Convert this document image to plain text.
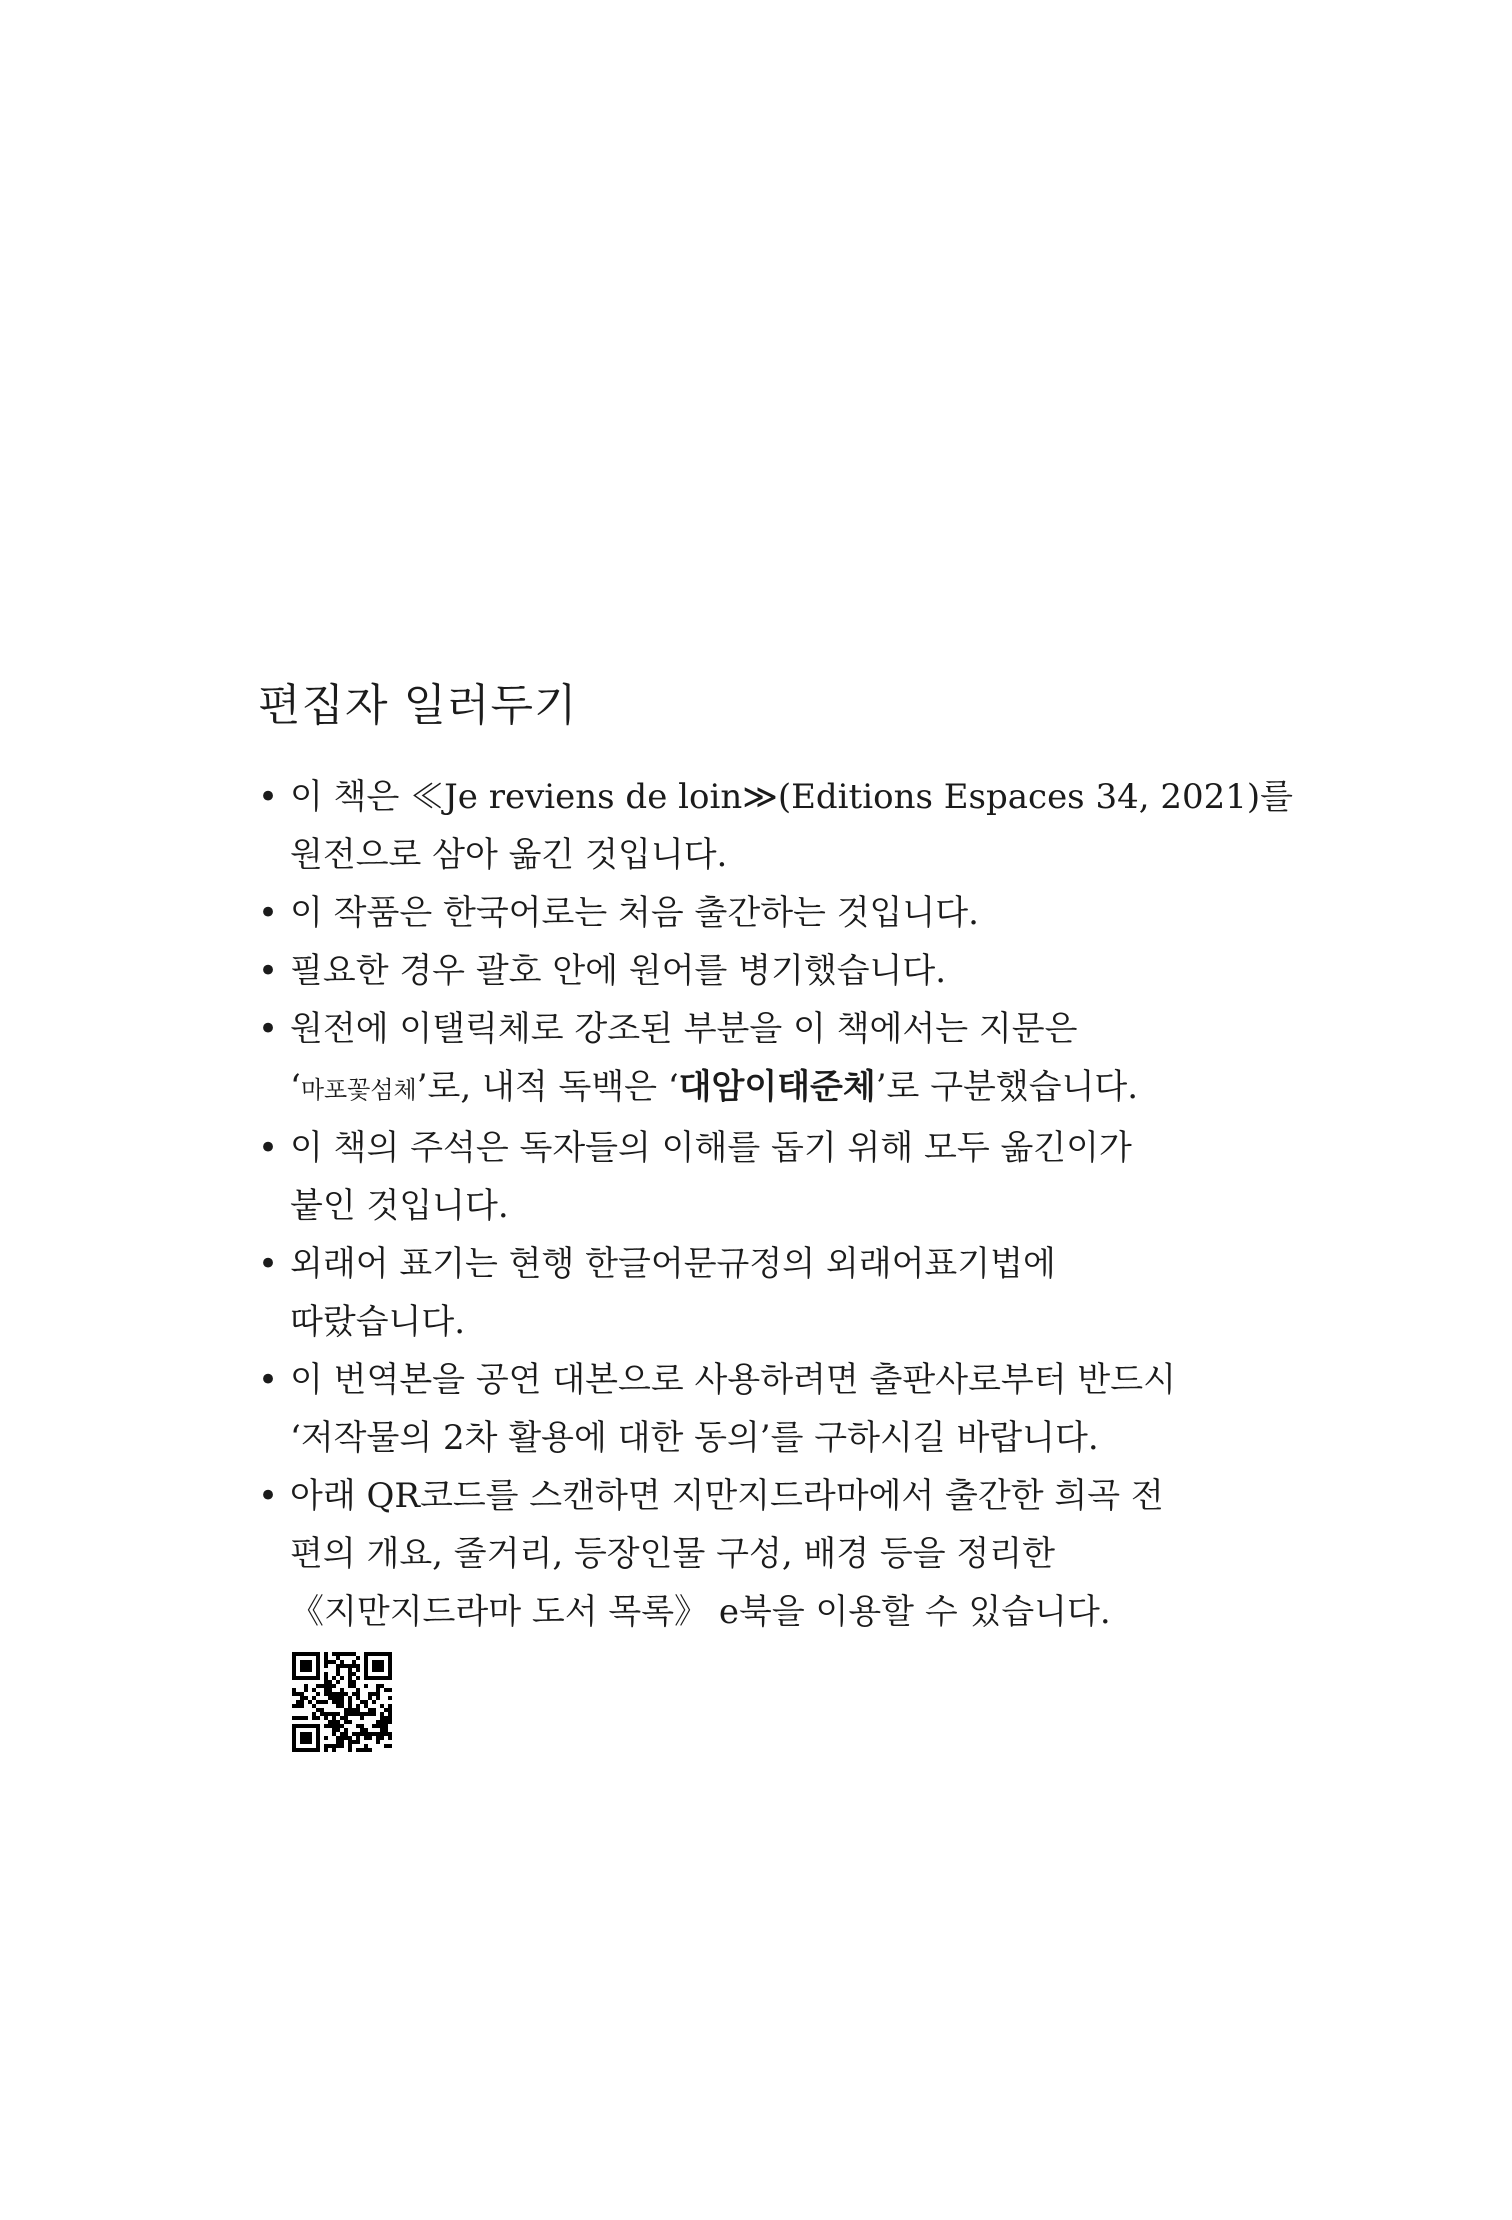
편집자 일러두기
• 이 책은 ≪Je reviens de loin≫(Editions Espaces 34, 2021)를
원전으로 삼아 옮긴 것입니다.
• 이 작품은 한국어로는 처음 출간하는 것입니다.
• 필요한 경우 괄호 안에 원어를 병기했습니다.
• 원전에 이탤릭체로 강조된 부분을 이 책에서는 지문은
‘마포꽃섬체’로, 내적 독백은 ‘대암이태준체’로 구분했습니다.
• 이 책의 주석은 독자들의 이해를 돕기 위해 모두 옮긴이가
붙인 것입니다.
• 외래어 표기는 현행 한글어문규정의 외래어표기법에
따랐습니다.
• 이 번역본을 공연 대본으로 사용하려면 출판사로부터 반드시
‘저작물의 2차 활용에 대한 동의’를 구하시길 바랍니다.
• 아래 QR코드를 스캔하면 지만지드라마에서 출간한 희곡 전
편의 개요, 줄거리, 등장인물 구성, 배경 등을 정리한
《지만지드라마 도서 목록》 e북을 이용할 수 있습니다.
